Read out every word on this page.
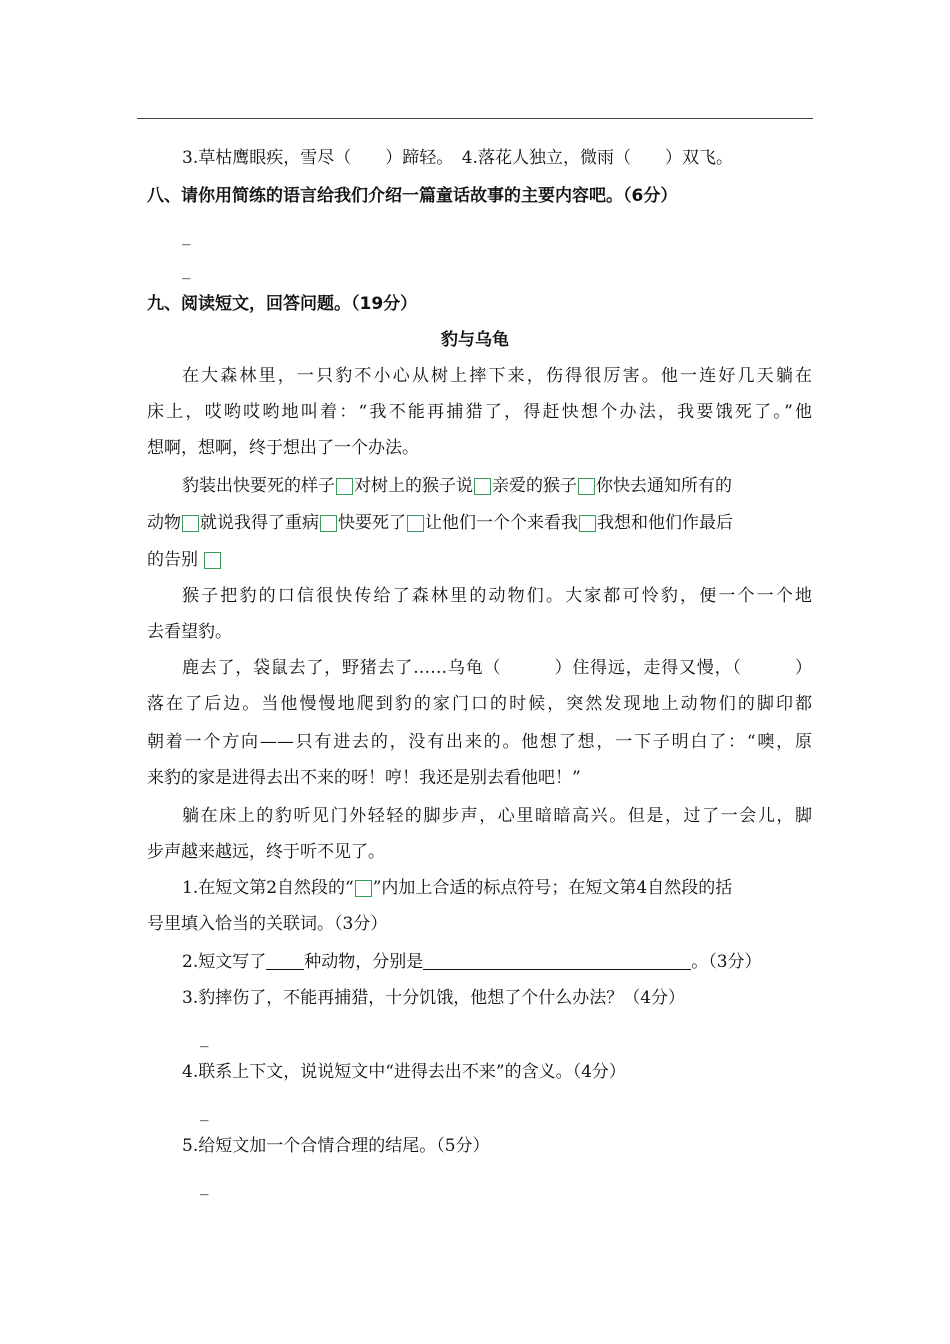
3.草枯鹰眼疾，雪尽（　　）蹄轻。　4.落花人独立，微雨（　　）双飞。
八、请你用简练的语言给我们介绍一篇童话故事的主要内容吧。（6分）
_
_
九、阅读短文，回答问题。（19分）
豹与乌龟
在大森林里，一只豹不小心从树上摔下来，伤得很厉害。他一连好几天躺在
床上，哎哟哎哟地叫着：“我不能再捕猎了，得赶快想个办法，我要饿死了。”他
想啊，想啊，终于想出了一个办法。
豹装出快要死的样子 对树上的猴子说 亲爱的猴子 你快去通知所有的
动物 就说我得了重病 快要死了 让他们一个个来看我 我想和他们作最后
的告别
猴子把豹的口信很快传给了森林里的动物们。大家都可怜豹，便一个一个地
去看望豹。
鹿去了，袋鼠去了，野猪去了……乌龟（　　　）住得远，走得又慢，（　　　）
落在了后边。当他慢慢地爬到豹的家门口的时候，突然发现地上动物们的脚印都
朝着一个方向——只有进去的，没有出来的。他想了想，一下子明白了：“噢，原
来豹的家是进得去出不来的呀！哼！我还是别去看他吧！”
躺在床上的豹听见门外轻轻的脚步声，心里暗暗高兴。但是，过了一会儿，脚
步声越来越远，终于听不见了。
1.在短文第2自然段的“ ”内加上合适的标点符号；在短文第4自然段的括
号里填入恰当的关联词。（3分）
2.短文写了 种动物，分别是	。（3分）
3.豹摔伤了，不能再捕猎，十分饥饿，他想了个什么办法？（4分）
_
4.联系上下文，说说短文中“进得去出不来”的含义。（4分）
_
5.给短文加一个合情合理的结尾。（5分）
_
